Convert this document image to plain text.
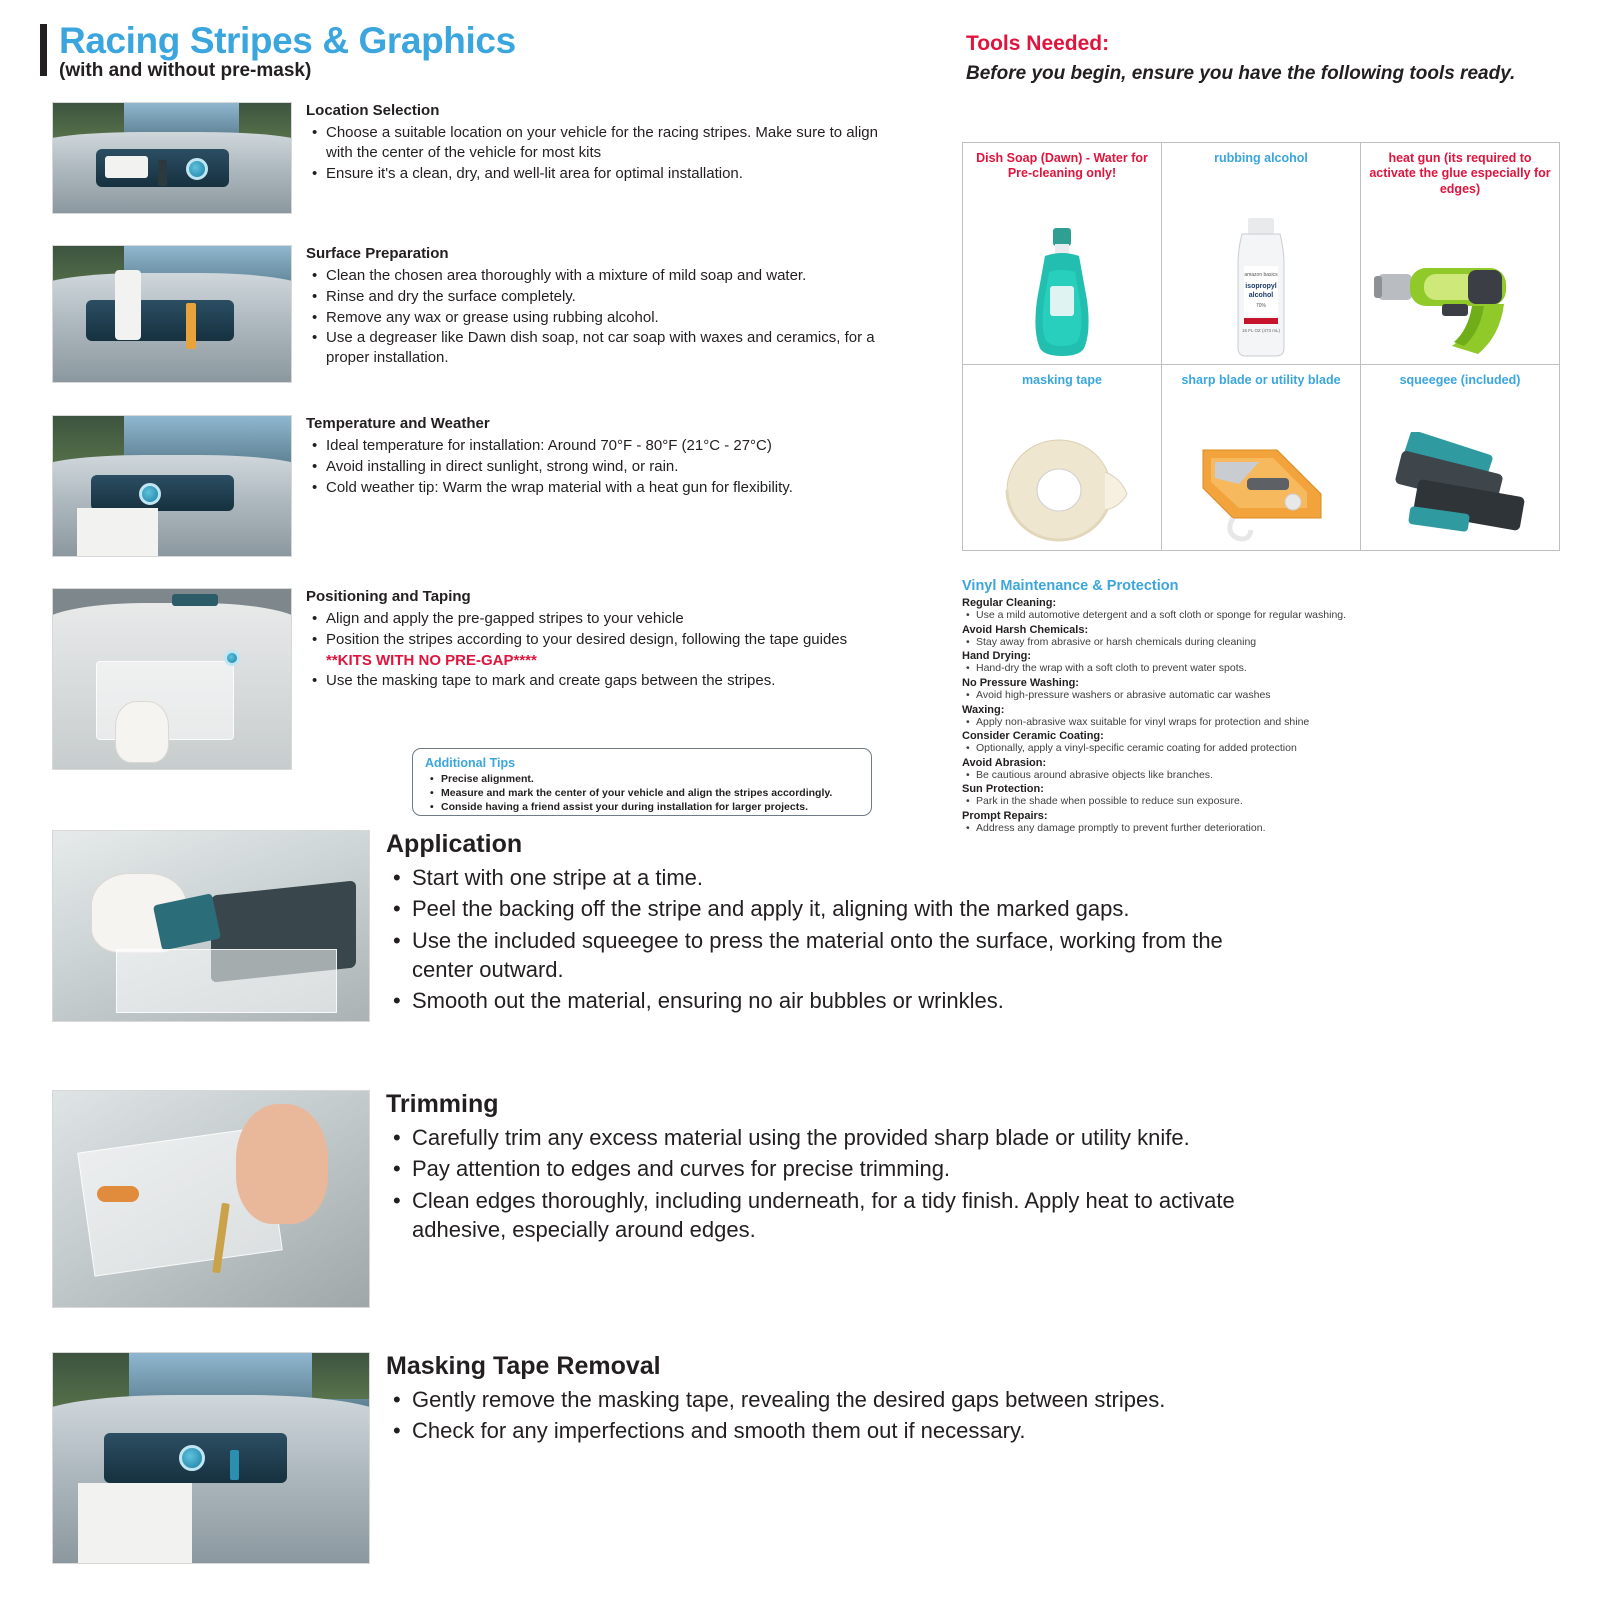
Racing Stripes & Graphics
(with and without pre-mask)
Location Selection
• Choose a suitable location on your vehicle for the racing stripes. Make sure to align with the center of the vehicle for most kits
• Ensure it's a clean, dry, and well-lit area for optimal installation.
Surface Preparation
• Clean the chosen area thoroughly with a mixture of mild soap and water.
• Rinse and dry the surface completely.
• Remove any wax or grease using rubbing alcohol.
• Use a degreaser like Dawn dish soap, not car soap with waxes and ceramics, for a proper installation.
Temperature and Weather
• Ideal temperature for installation: Around 70°F - 80°F (21°C - 27°C)
• Avoid installing in direct sunlight, strong wind, or rain.
• Cold weather tip: Warm the wrap material with a heat gun for flexibility.
Positioning and Taping
• Align and apply the pre-gapped stripes to your vehicle
• Position the stripes according to your desired design, following the tape guides
**KITS WITH NO PRE-GAP****
• Use the masking tape to mark and create gaps between the stripes.
Additional Tips
• Precise alignment.
• Measure and mark the center of your vehicle and align the stripes accordingly.
• Conside having a friend assist your during installation for larger projects.
Tools Needed:
Before you begin, ensure you have the following tools ready.
Dish Soap (Dawn) - Water for Pre-cleaning only!
rubbing alcohol
amazon basics
isopropyl
alcohol
70%
16 FL OZ (473 mL)
heat gun (its required to activate the glue especially for edges)
masking tape	sharp blade or utility blade	squeegee (included)
Vinyl Maintenance & Protection
Regular Cleaning:
• Use a mild automotive detergent and a soft cloth or sponge for regular washing.
Avoid Harsh Chemicals:
• Stay away from abrasive or harsh chemicals during cleaning
Hand Drying:
• Hand-dry the wrap with a soft cloth to prevent water spots.
No Pressure Washing:
• Avoid high-pressure washers or abrasive automatic car washes
Waxing:
• Apply non-abrasive wax suitable for vinyl wraps for protection and shine
Consider Ceramic Coating:
• Optionally, apply a vinyl-specific ceramic coating for added protection
Avoid Abrasion:
• Be cautious around abrasive objects like branches.
Sun Protection:
• Park in the shade when possible to reduce sun exposure.
Prompt Repairs:
• Address any damage promptly to prevent further deterioration.
Application
• Start with one stripe at a time.
• Peel the backing off the stripe and apply it, aligning with the marked gaps.
• Use the included squeegee to press the material onto the surface, working from the center outward.
• Smooth out the material, ensuring no air bubbles or wrinkles.
Trimming
• Carefully trim any excess material using the provided sharp blade or utility knife.
• Pay attention to edges and curves for precise trimming.
• Clean edges thoroughly, including underneath, for a tidy finish. Apply heat to activate adhesive, especially around edges.
Masking Tape Removal
• Gently remove the masking tape, revealing the desired gaps between stripes.
• Check for any imperfections and smooth them out if necessary.
